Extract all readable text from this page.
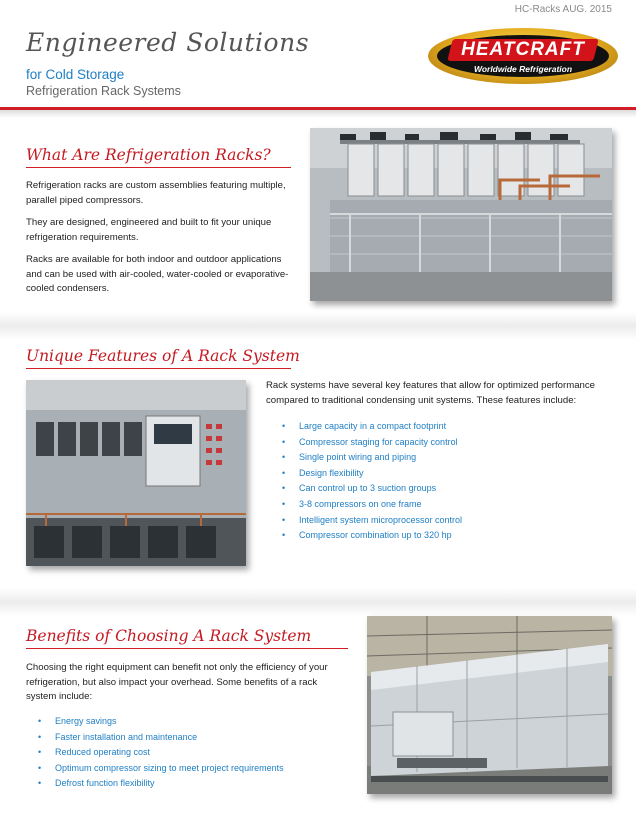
HC-Racks AUG. 2015
Engineered Solutions
for Cold Storage
Refrigeration Rack Systems
HEATCRAFT
Worldwide Refrigeration
What Are Refrigeration Racks?

Refrigeration racks are custom assemblies featuring multiple, parallel piped compressors.

They are designed, engineered and built to fit your unique refrigeration requirements.

Racks are available for both indoor and outdoor applications and can be used with air-cooled, water-cooled or evaporative-cooled condensers.

Unique Features of A Rack System
Rack systems have several key features that allow for optimized performance compared to traditional condensing unit systems. These features include:
• Large capacity in a compact footprint
• Compressor staging for capacity control
• Single point wiring and piping
• Design flexibility
• Can control up to 3 suction groups
• 3-8 compressors on one frame
• Intelligent system microprocessor control
• Compressor combination up to 320 hp
Benefits of Choosing A Rack System
Choosing the right equipment can benefit not only the efficiency of your refrigeration, but also impact your overhead. Some benefits of a rack system include:
• Energy savings
• Faster installation and maintenance
• Reduced operating cost
• Optimum compressor sizing to meet project requirements
• Defrost function flexibility
